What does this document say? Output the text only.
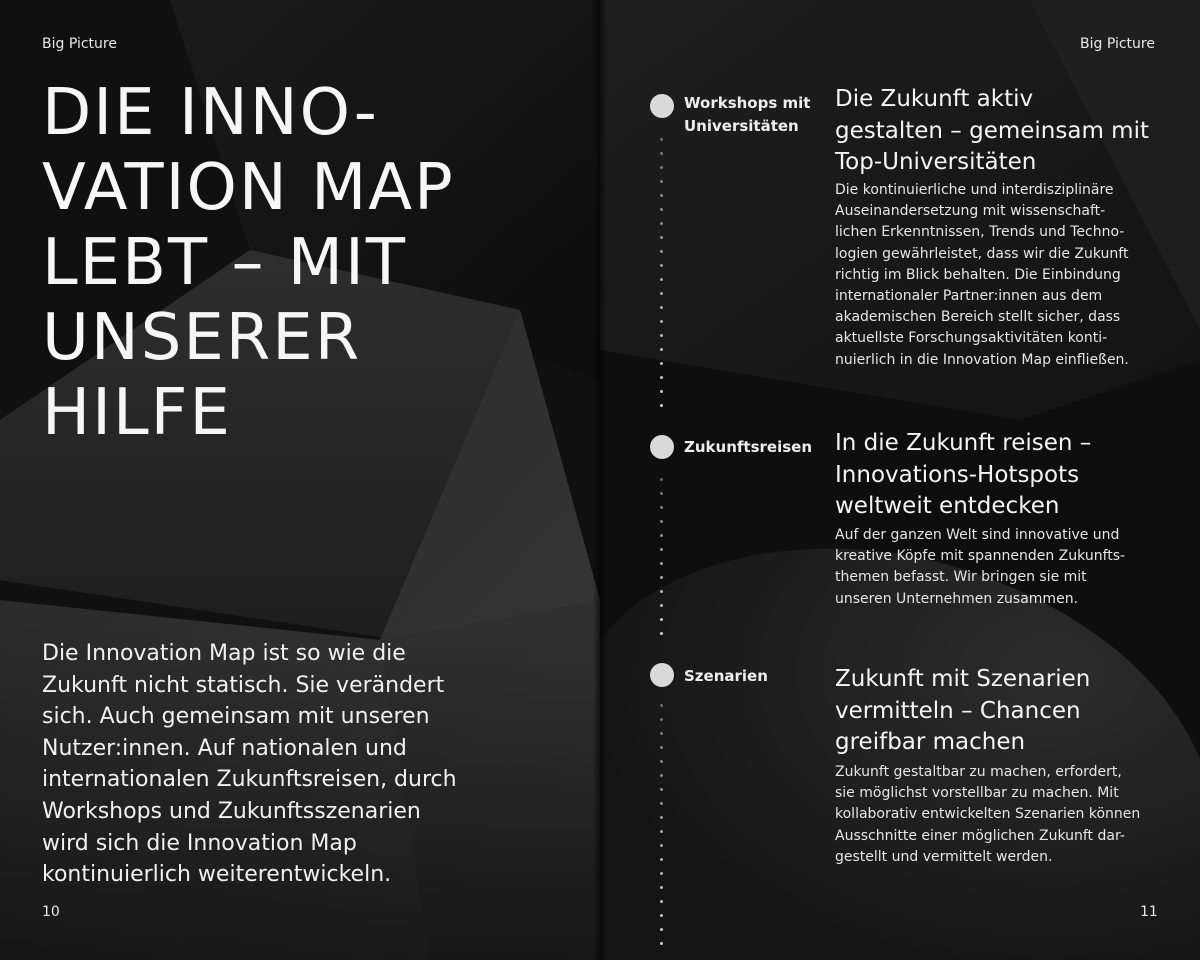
Big Picture
DIE INNO-
VATION MAP
LEBT – MIT
UNSERER
HILFE

Die Innovation Map ist so wie die
Zukunft nicht statisch. Sie verändert
sich. Auch gemeinsam mit unseren
Nutzer:innen. Auf nationalen und
internationalen Zukunftsreisen, durch
Workshops und Zukunftsszenarien
wird sich die Innovation Map
kontinuierlich weiterentwickeln.

10
Big Picture
Workshops mit
Universitäten
Die Zukunft aktiv
gestalten – gemeinsam mit
Top-Universitäten

Die kontinuierliche und interdisziplinäre
Auseinandersetzung mit wissenschaft-
lichen Erkenntnissen, Trends und Techno-
logien gewährleistet, dass wir die Zukunft
richtig im Blick behalten. Die Einbindung
internationaler Partner:innen aus dem
akademischen Bereich stellt sicher, dass
aktuellste Forschungsaktivitäten konti-
nuierlich in die Innovation Map einfließen.

Zukunftsreisen In die Zukunft reisen –
Innovations-Hotspots
weltweit entdecken

Auf der ganzen Welt sind innovative und
kreative Köpfe mit spannenden Zukunfts-
themen befasst. Wir bringen sie mit
unseren Unternehmen zusammen.

Szenarien	Zukunft mit Szenarien
vermitteln – Chancen
greifbar machen

Zukunft gestaltbar zu machen, erfordert,
sie möglichst vorstellbar zu machen. Mit
kollaborativ entwickelten Szenarien können
Ausschnitte einer möglichen Zukunft dar-
gestellt und vermittelt werden.

11
